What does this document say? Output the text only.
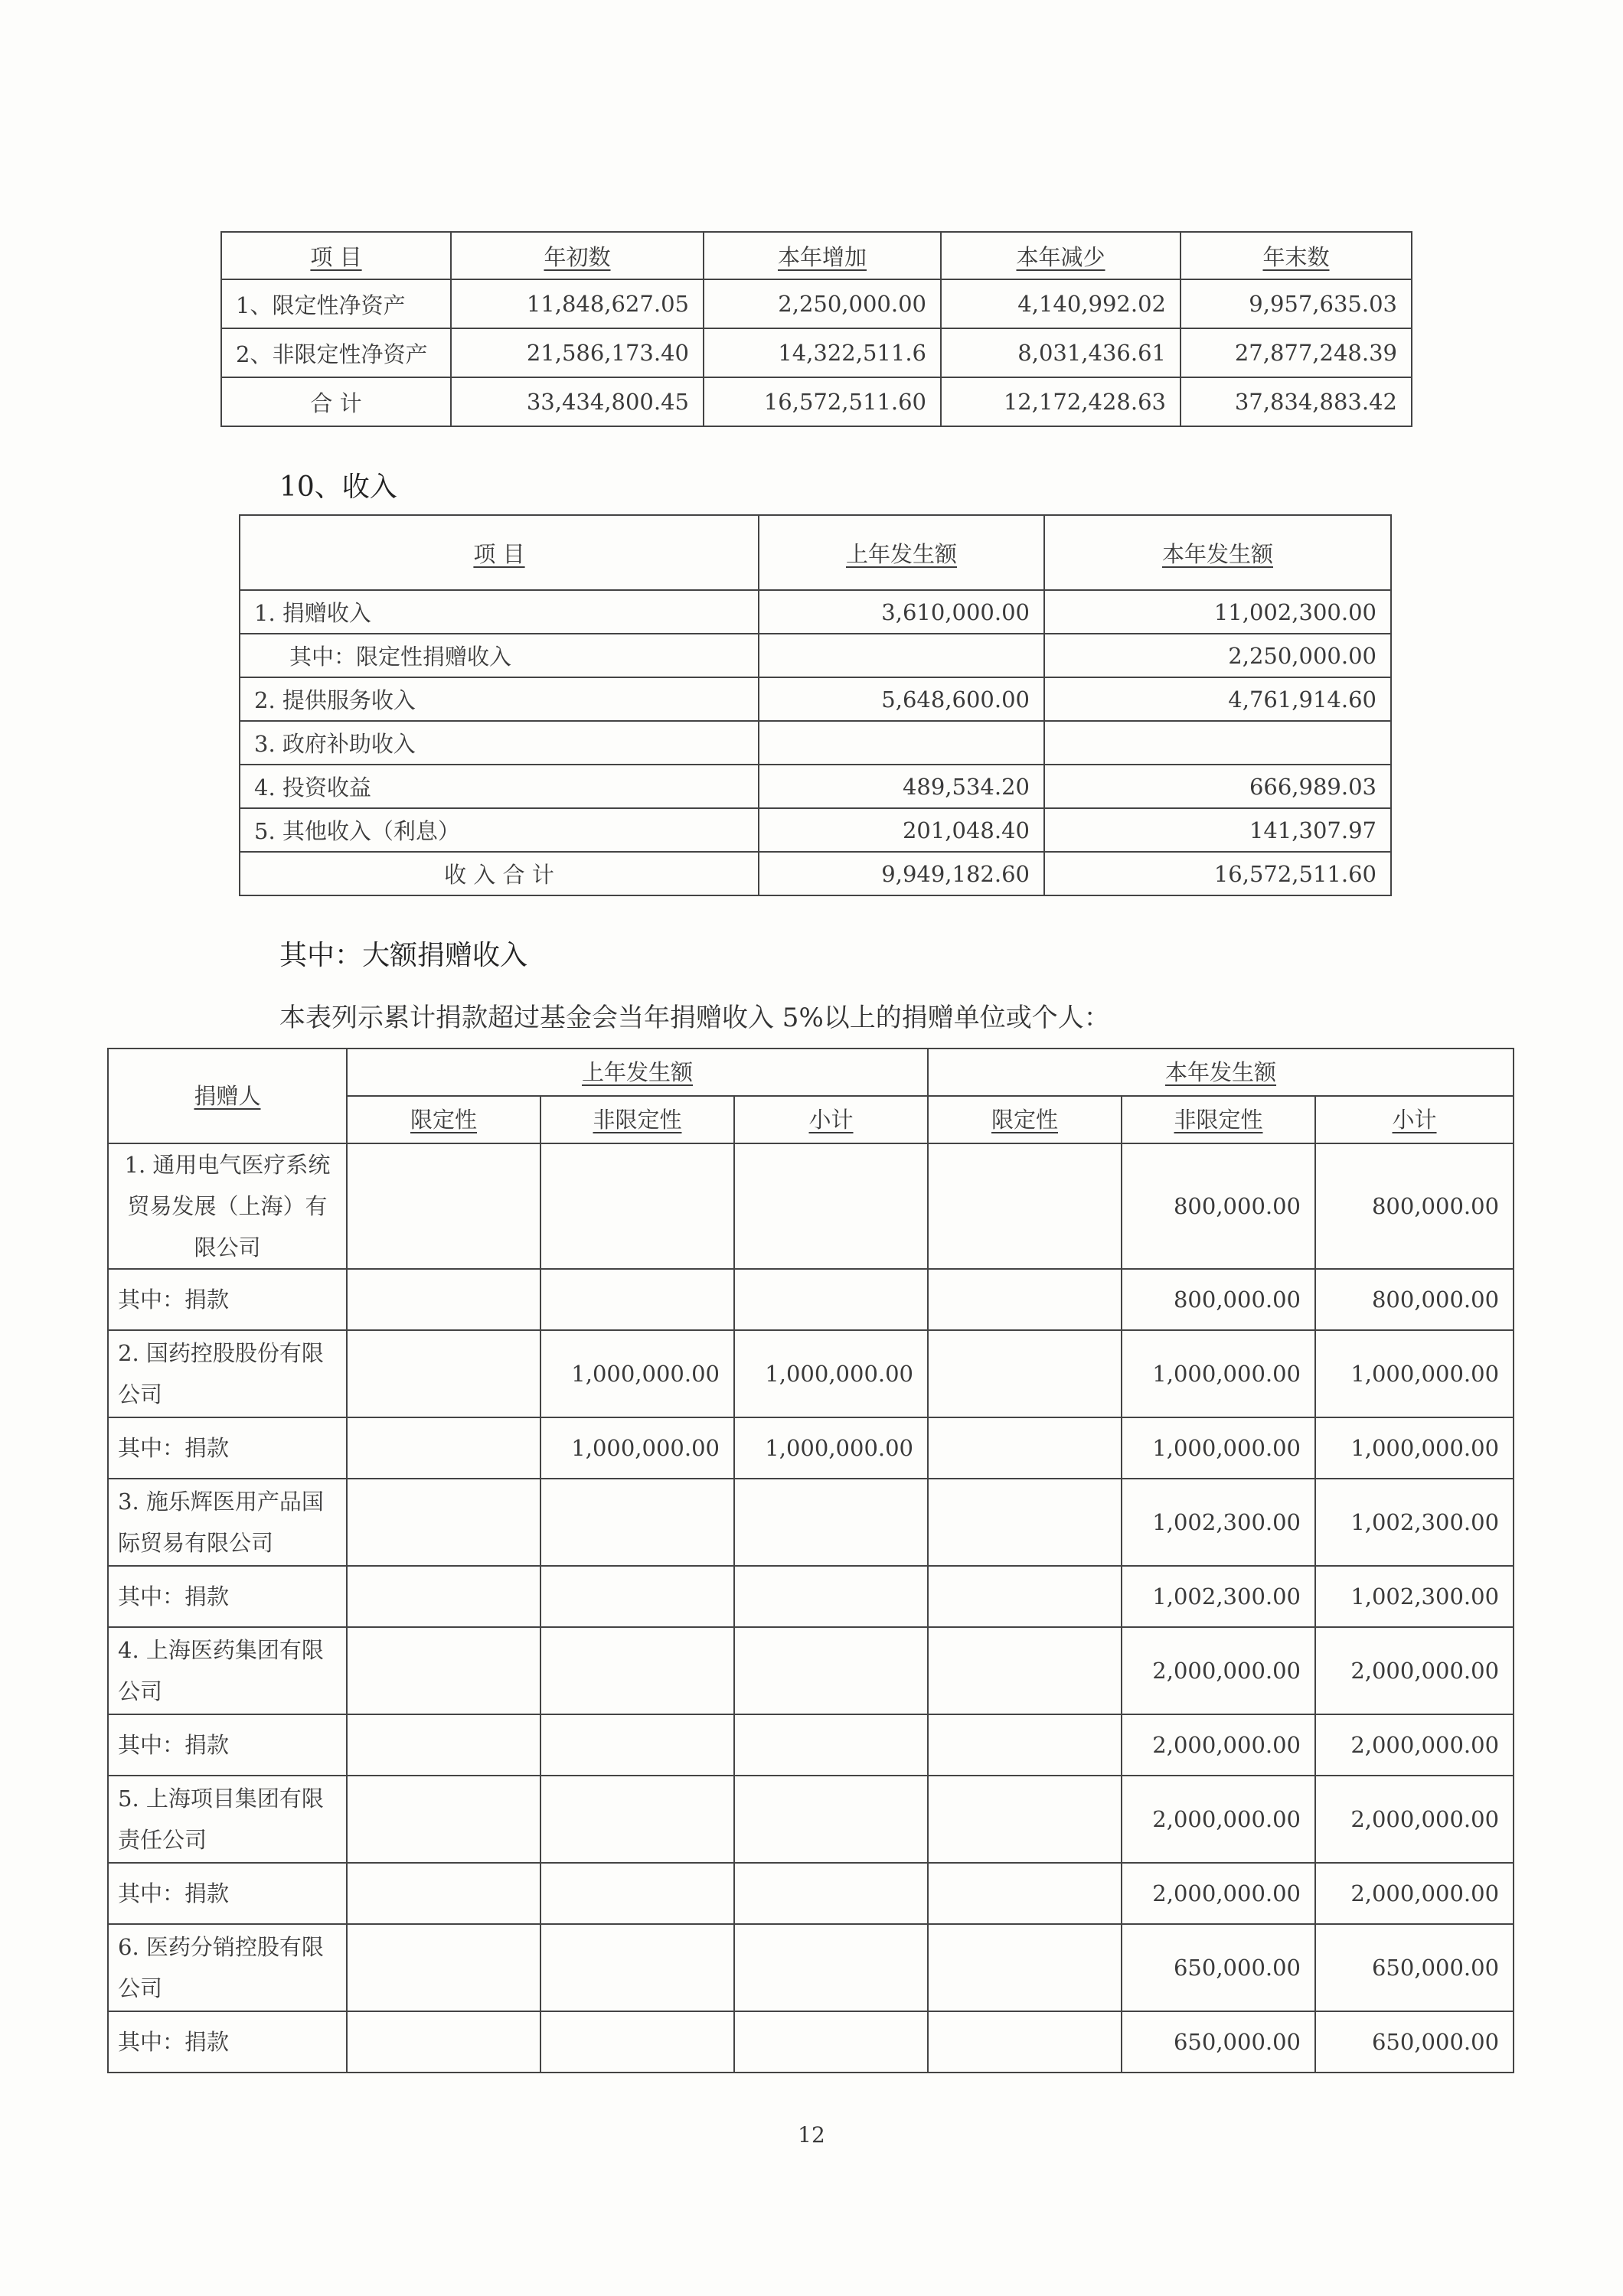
项 目	年初数	本年增加	本年减少	年末数
1、限定性净资产	11,848,627.05	2,250,000.00	4,140,992.02	9,957,635.03
2、非限定性净资产	21,586,173.40	14,322,511.6	8,031,436.61	27,877,248.39
合 计	33,434,800.45	16,572,511.60	12,172,428.63	37,834,883.42
10、收入
项 目	上年发生额	本年发生额
1. 捐赠收入	3,610,000.00	11,002,300.00
其中：限定性捐赠收入		2,250,000.00
2. 提供服务收入	5,648,600.00	4,761,914.60
3. 政府补助收入		
4. 投资收益	489,534.20	666,989.03
5. 其他收入（利息）	201,048.40	141,307.97
收 入 合 计	9,949,182.60	16,572,511.60
其中：大额捐赠收入
本表列示累计捐款超过基金会当年捐赠收入 5%以上的捐赠单位或个人：
捐赠人	上年发生额			本年发生额		
	限定性	非限定性	小计	限定性	非限定性	小计
1. 通用电气医疗系统贸易发展（上海）有限公司					800,000.00	800,000.00
其中：捐款					800,000.00	800,000.00
2. 国药控股股份有限公司		1,000,000.00	1,000,000.00		1,000,000.00	1,000,000.00
其中：捐款		1,000,000.00	1,000,000.00		1,000,000.00	1,000,000.00
3. 施乐辉医用产品国际贸易有限公司					1,002,300.00	1,002,300.00
其中：捐款					1,002,300.00	1,002,300.00
4. 上海医药集团有限公司					2,000,000.00	2,000,000.00
其中：捐款					2,000,000.00	2,000,000.00
5. 上海项目集团有限责任公司					2,000,000.00	2,000,000.00
其中：捐款					2,000,000.00	2,000,000.00
6. 医药分销控股有限公司					650,000.00	650,000.00
其中：捐款					650,000.00	650,000.00
12
